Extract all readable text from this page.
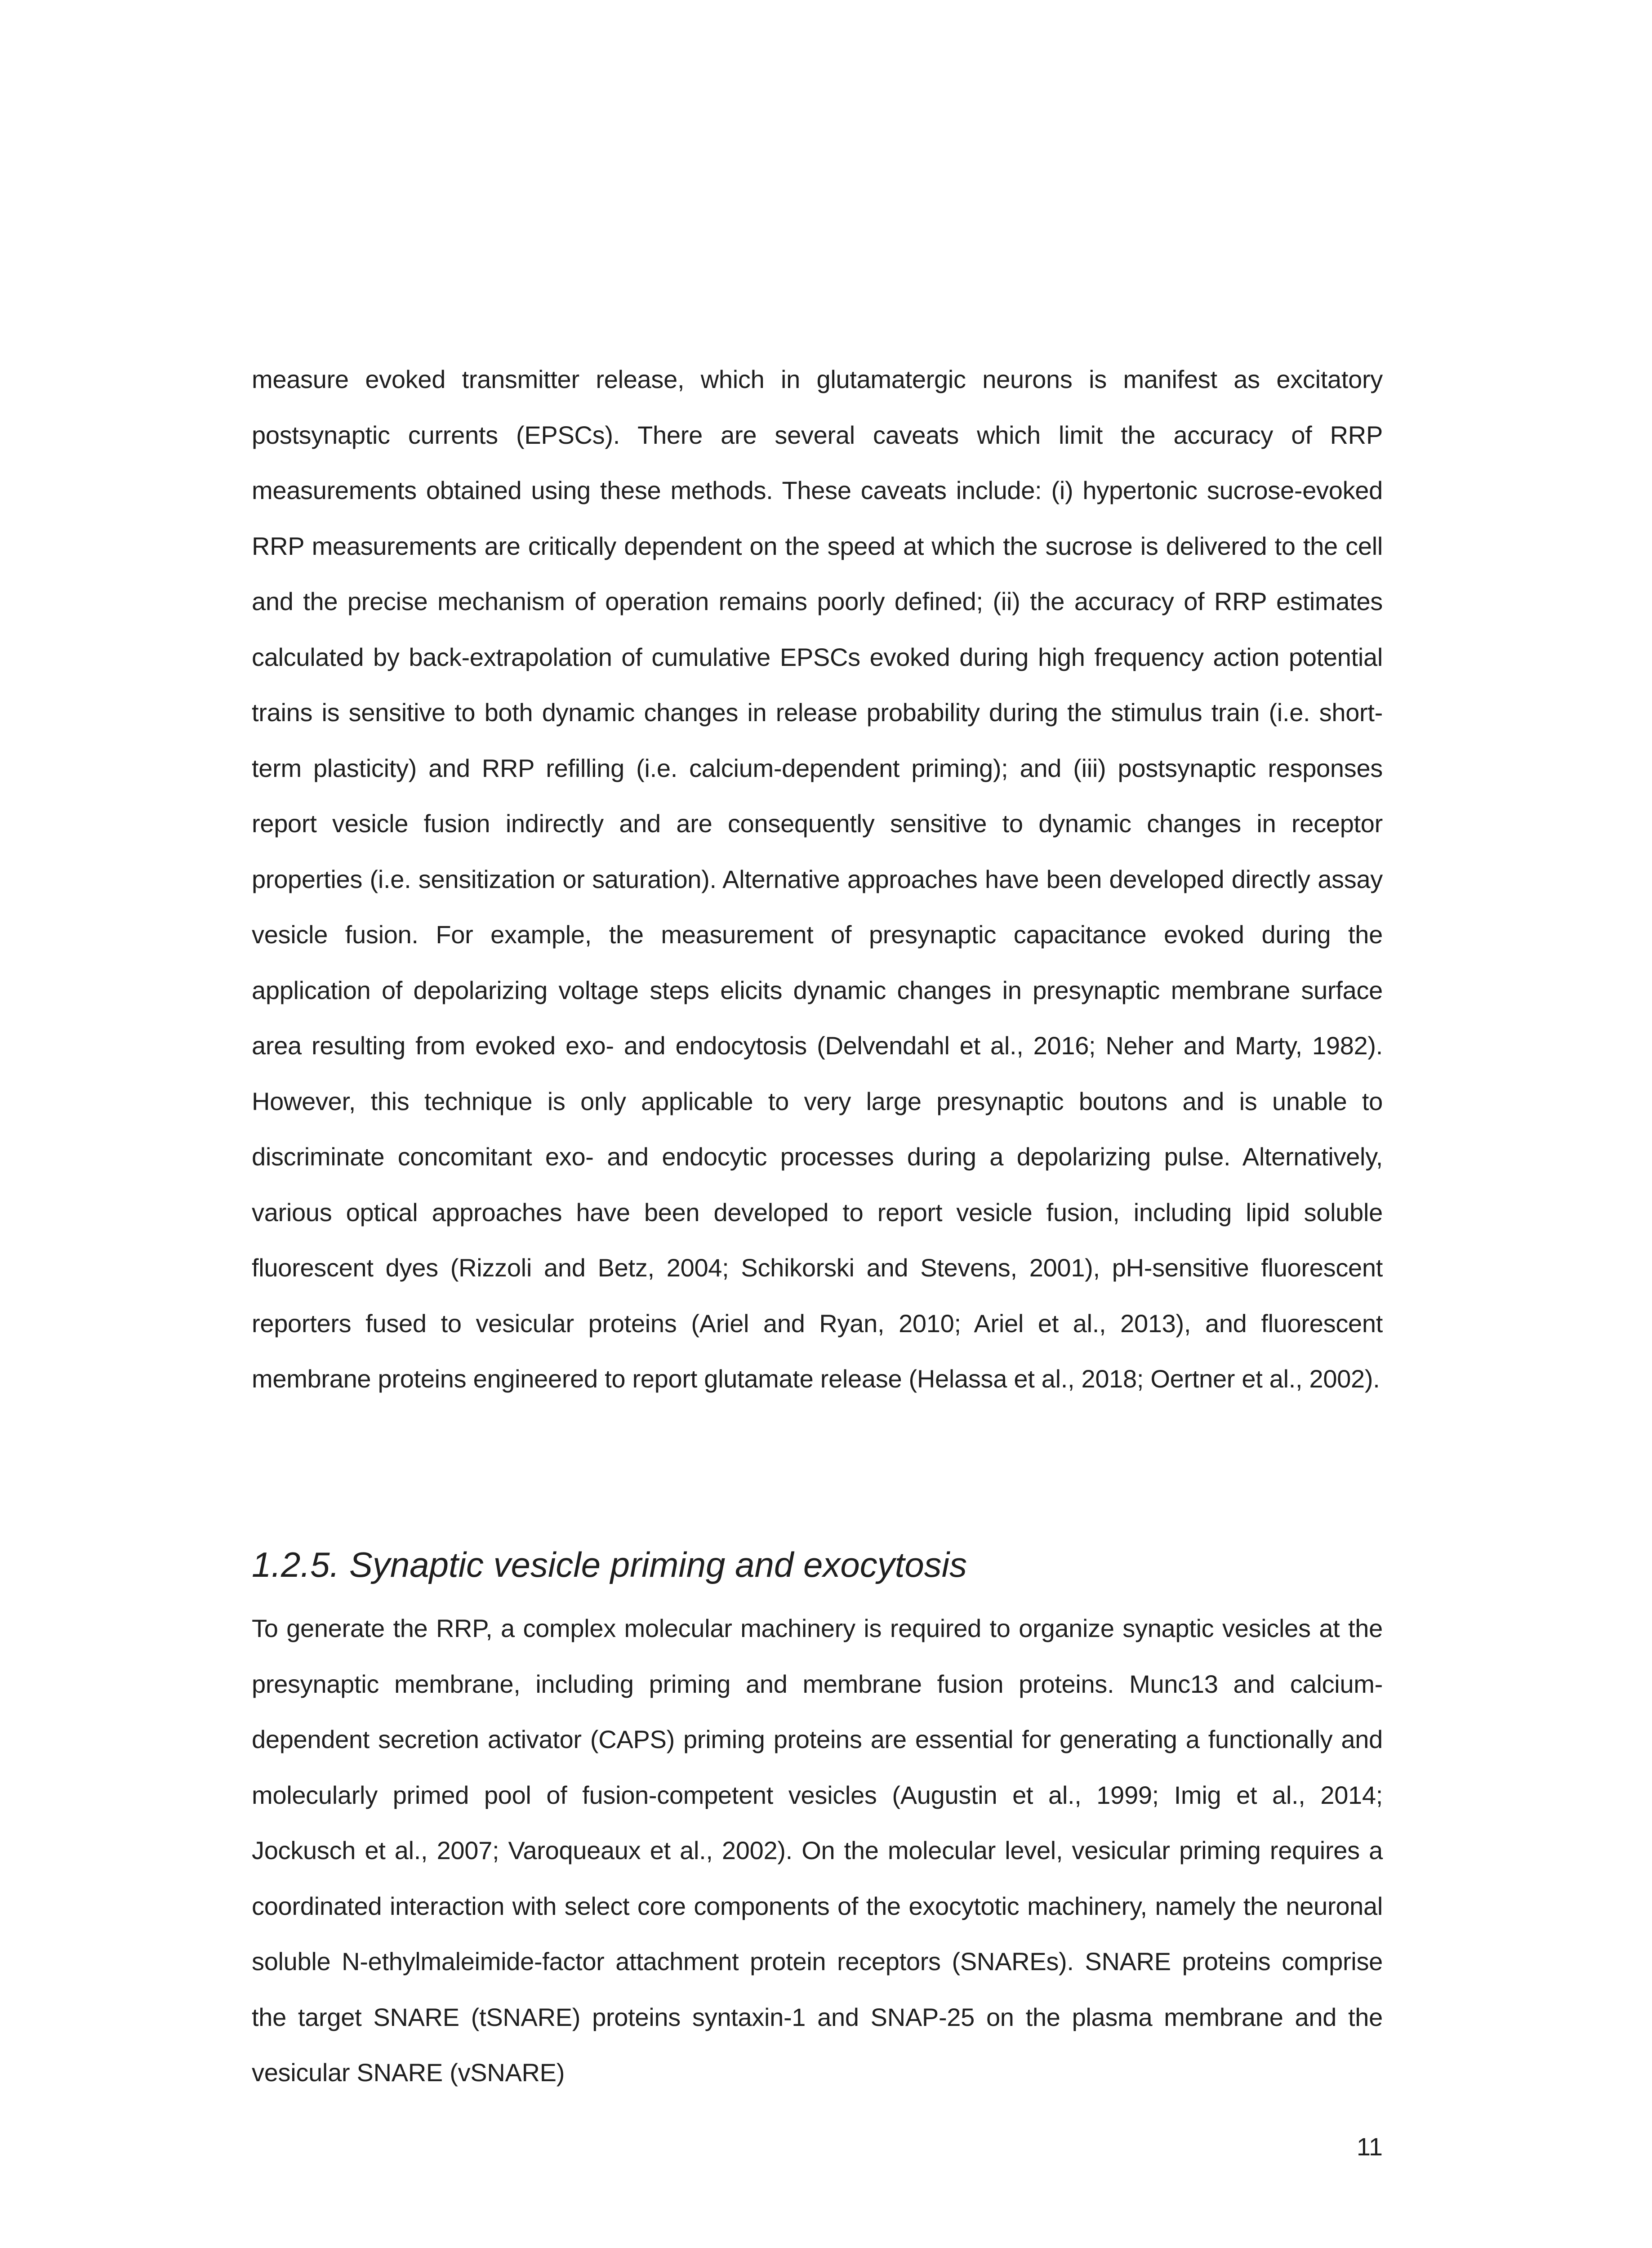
measure evoked transmitter release, which in glutamatergic neurons is manifest as excitatory postsynaptic currents (EPSCs). There are several caveats which limit the accuracy of RRP measurements obtained using these methods. These caveats include: (i) hypertonic sucrose-evoked RRP measurements are critically dependent on the speed at which the sucrose is delivered to the cell and the precise mechanism of operation remains poorly defined; (ii) the accuracy of RRP estimates calculated by back-extrapolation of cumulative EPSCs evoked during high frequency action potential trains is sensitive to both dynamic changes in release probability during the stimulus train (i.e. short-term plasticity) and RRP refilling (i.e. calcium-dependent priming); and (iii) postsynaptic responses report vesicle fusion indirectly and are consequently sensitive to dynamic changes in receptor properties (i.e. sensitization or saturation). Alternative approaches have been developed directly assay vesicle fusion. For example, the measurement of presynaptic capacitance evoked during the application of depolarizing voltage steps elicits dynamic changes in presynaptic membrane surface area resulting from evoked exo- and endocytosis (Delvendahl et al., 2016; Neher and Marty, 1982). However, this technique is only applicable to very large presynaptic boutons and is unable to discriminate concomitant exo- and endocytic processes during a depolarizing pulse. Alternatively, various optical approaches have been developed to report vesicle fusion, including lipid soluble fluorescent dyes (Rizzoli and Betz, 2004; Schikorski and Stevens, 2001), pH-sensitive fluorescent reporters fused to vesicular proteins (Ariel and Ryan, 2010; Ariel et al., 2013), and fluorescent membrane proteins engineered to report glutamate release (Helassa et al., 2018; Oertner et al., 2002).

1.2.5. Synaptic vesicle priming and exocytosis

To generate the RRP, a complex molecular machinery is required to organize synaptic vesicles at the presynaptic membrane, including priming and membrane fusion proteins. Munc13 and calcium-dependent secretion activator (CAPS) priming proteins are essential for generating a functionally and molecularly primed pool of fusion-competent vesicles (Augustin et al., 1999; Imig et al., 2014; Jockusch et al., 2007; Varoqueaux et al., 2002). On the molecular level, vesicular priming requires a coordinated interaction with select core components of the exocytotic machinery, namely the neuronal soluble N-ethylmaleimide-factor attachment protein receptors (SNAREs). SNARE proteins comprise the target SNARE (tSNARE) proteins syntaxin-1 and SNAP-25 on the plasma membrane and the vesicular SNARE (vSNARE)

11
